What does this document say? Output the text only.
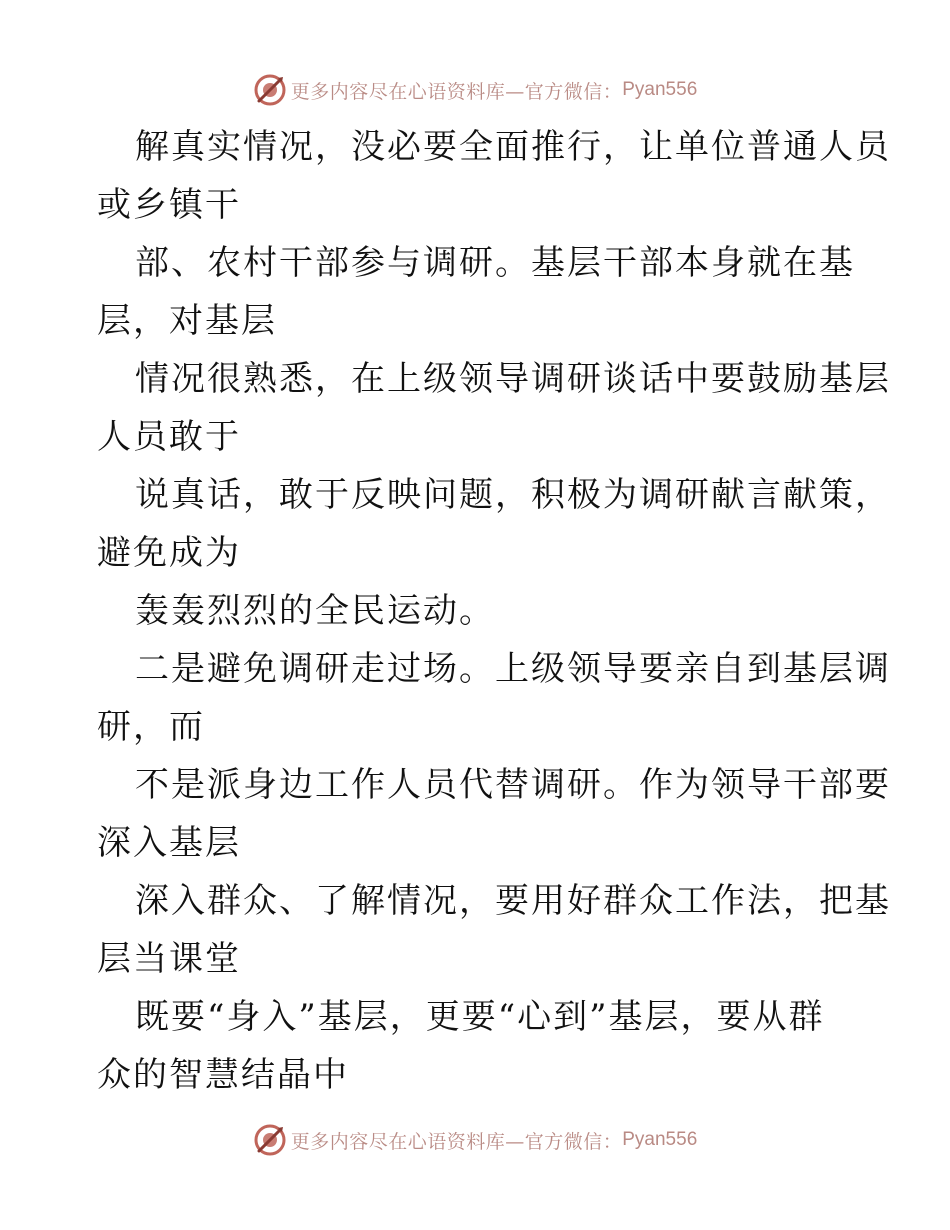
更多内容尽在心语资料库—官方微信： Pyan556
解真实情况，没必要全面推行，让单位普通人员
或乡镇干
部、农村干部参与调研。基层干部本身就在基
层，对基层
情况很熟悉，在上级领导调研谈话中要鼓励基层
人员敢于
说真话，敢于反映问题，积极为调研献言献策，
避免成为
轰轰烈烈的全民运动。
二是避免调研走过场。上级领导要亲自到基层调
研，而
不是派身边工作人员代替调研。作为领导干部要
深入基层
深入群众、了解情况，要用好群众工作法，把基
层当课堂
既要“身入”基层，更要“心到”基层，要从群
众的智慧结晶中
更多内容尽在心语资料库—官方微信： Pyan556
